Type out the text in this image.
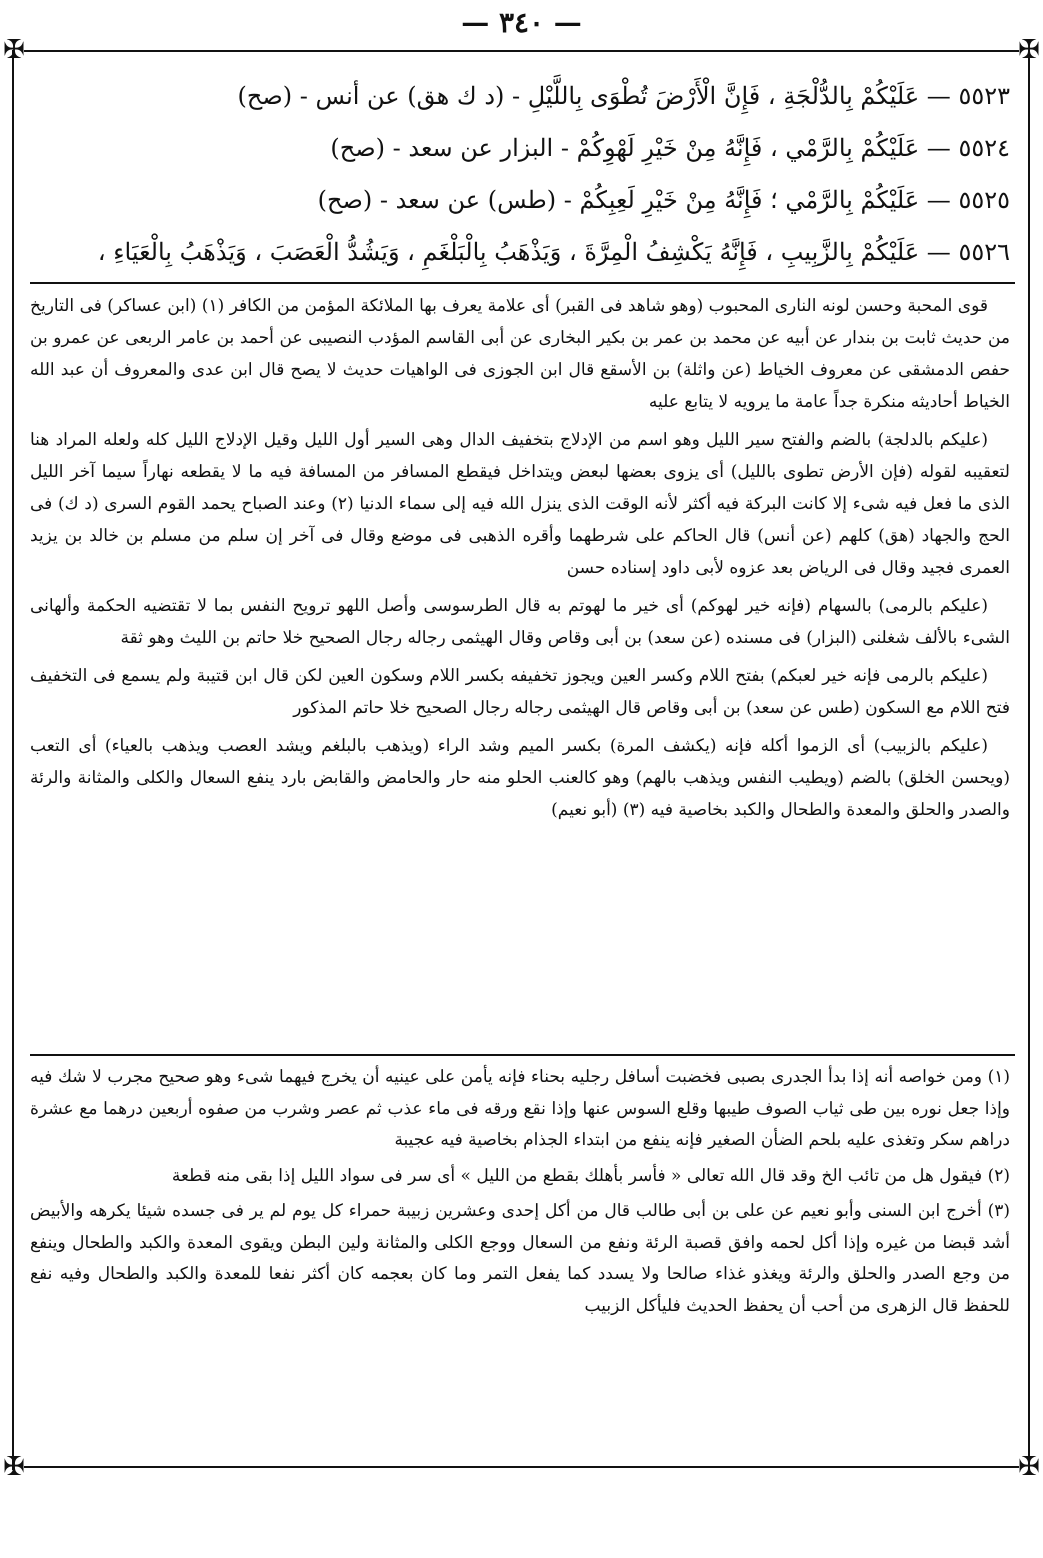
— ٣٤٠ —
✠	✠
✠	✠
٥٥٢٣ — عَلَيْكُمْ بِالدُّلْجَةِ ، فَإِنَّ الْأَرْضَ تُطْوَى بِاللَّيْلِ - (د ك هق) عن أنس - (صح)
٥٥٢٤ — عَلَيْكُمْ بِالرَّمْي ، فَإِنَّهُ مِنْ خَيْرِ لَهْوِكُمْ - البزار عن سعد - (صح)
٥٥٢٥ — عَلَيْكُمْ بِالرَّمْي ؛ فَإِنَّهُ مِنْ خَيْرِ لَعِبِكُمْ - (طس) عن سعد - (صح)
٥٥٢٦ — عَلَيْكُمْ بِالزَّبِيبِ ، فَإِنَّهُ يَكْشِفُ الْمِرَّةَ ، وَيَذْهَبُ بِالْبَلْغَمِ ، وَيَشُدُّ الْعَصَبَ ، وَيَذْهَبُ بِالْعَيَاءِ ،

قوى المحبة وحسن لونه النارى المحبوب (وهو شاهد فى القبر) أى علامة يعرف بها الملائكة المؤمن من الكافر (١) (ابن عساكر) فى التاريخ من حديث ثابت بن بندار عن أبيه عن محمد بن عمر بن بكير البخارى عن أبى القاسم المؤدب النصيبى عن أحمد بن عامر الربعى عن عمرو بن حفص الدمشقى عن معروف الخياط (عن واثلة) بن الأسقع قال ابن الجوزى فى الواهيات حديث لا يصح قال ابن عدى والمعروف أن عبد الله الخياط أحاديثه منكرة جداً عامة ما يرويه لا يتابع عليه

(عليكم بالدلجة) بالضم والفتح سير الليل وهو اسم من الإدلاج بتخفيف الدال وهى السير أول الليل وقيل الإدلاج الليل كله ولعله المراد هنا لتعقيبه لقوله (فإن الأرض تطوى بالليل) أى يزوى بعضها لبعض ويتداخل فيقطع المسافر من المسافة فيه ما لا يقطعه نهاراً سيما آخر الليل الذى ما فعل فيه شىء إلا كانت البركة فيه أكثر لأنه الوقت الذى ينزل الله فيه إلى سماء الدنيا (٢) وعند الصباح يحمد القوم السرى (د ك) فى الحج والجهاد (هق) كلهم (عن أنس) قال الحاكم على شرطهما وأقره الذهبى فى موضع وقال فى آخر إن سلم من مسلم بن خالد بن يزيد العمرى فجيد وقال فى الرياض بعد عزوه لأبى داود إسناده حسن

(عليكم بالرمى) بالسهام (فإنه خير لهوكم) أى خير ما لهوتم به قال الطرسوسى وأصل اللهو ترويح النفس بما لا تقتضيه الحكمة وألهانى الشىء بالألف شغلنى (البزار) فى مسنده (عن سعد) بن أبى وقاص وقال الهيثمى رجاله رجال الصحيح خلا حاتم بن الليث وهو ثقة

(عليكم بالرمى فإنه خير لعبكم) بفتح اللام وكسر العين ويجوز تخفيفه بكسر اللام وسكون العين لكن قال ابن قتيبة ولم يسمع فى التخفيف فتح اللام مع السكون (طس عن سعد) بن أبى وقاص قال الهيثمى رجاله رجال الصحيح خلا حاتم المذكور

(عليكم بالزبيب) أى الزموا أكله فإنه (يكشف المرة) بكسر الميم وشد الراء (ويذهب بالبلغم ويشد العصب ويذهب بالعياء) أى التعب (ويحسن الخلق) بالضم (ويطيب النفس ويذهب بالهم) وهو كالعنب الحلو منه حار والحامض والقابض بارد ينفع السعال والكلى والمثانة والرئة والصدر والحلق والمعدة والطحال والكبد بخاصية فيه (٣) (أبو نعيم)

(١) ومن خواصه أنه إذا بدأ الجدرى بصبى فخضبت أسافل رجليه بحناء فإنه يأمن على عينيه أن يخرج فيهما شىء وهو صحيح مجرب لا شك فيه وإذا جعل نوره بين طى ثياب الصوف طيبها وقلع السوس عنها وإذا نقع ورقه فى ماء عذب ثم عصر وشرب من صفوه أربعين درهما مع عشرة دراهم سكر وتغذى عليه بلحم الضأن الصغير فإنه ينفع من ابتداء الجذام بخاصية فيه عجيبة

(٢) فيقول هل من تائب الخ وقد قال الله تعالى « فأسر بأهلك بقطع من الليل » أى سر فى سواد الليل إذا بقى منه قطعة

(٣) أخرج ابن السنى وأبو نعيم عن على بن أبى طالب قال من أكل إحدى وعشرين زبيبة حمراء كل يوم لم ير فى جسده شيئا يكرهه والأبيض أشد قبضا من غيره وإذا أكل لحمه وافق قصبة الرئة ونفع من السعال ووجع الكلى والمثانة ولين البطن ويقوى المعدة والكبد والطحال وينفع من وجع الصدر والحلق والرئة ويغذو غذاء صالحا ولا يسدد كما يفعل التمر وما كان بعجمه كان أكثر نفعا للمعدة والكبد والطحال وفيه نفع للحفظ قال الزهرى من أحب أن يحفظ الحديث فليأكل الزبيب
